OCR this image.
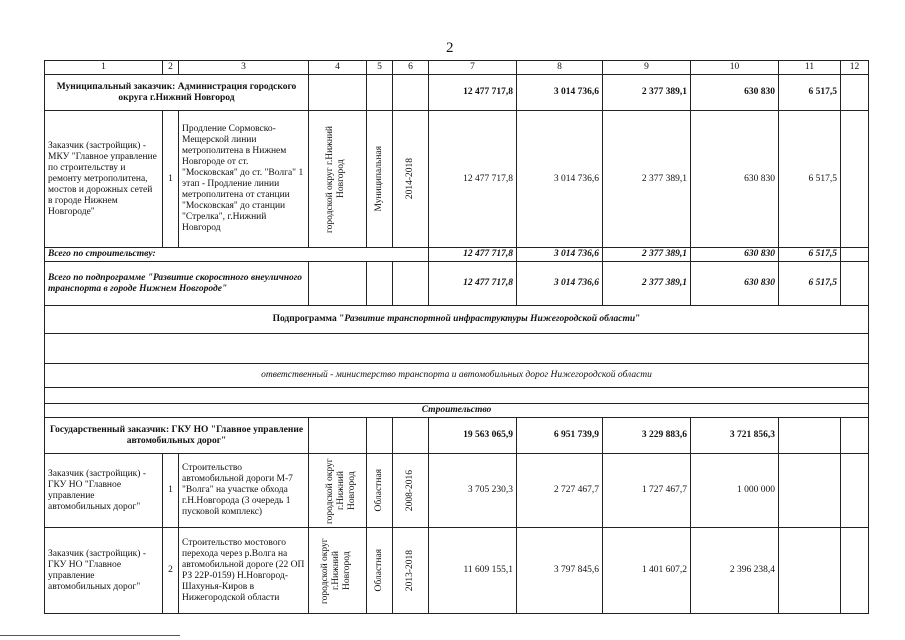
2
1	2	3	4	5	6	7	8	9	10	11	12
Муниципальный заказчик: Администрация городского округа г.Нижний Новгород						12 477 717,8	3 014 736,6	2 377 389,1	630 830	6 517,5	
Заказчик (застройщик) - МКУ "Главное управление по строительству и ремонту метрополитена, мостов и дорожных сетей в городе Нижнем Новгороде"	1	Продление Сормовско-Мещерской линии метрополитена в Нижнем Новгороде от ст. "Московская" до ст. "Волга" 1 этап - Продление линии метрополитена от станции "Московская" до станции "Стрелка", г.Нижний Новгород	городской округ г.Нижний Новгород	Муниципальная	2014-2018	12 477 717,8	3 014 736,6	2 377 389,1	630 830	6 517,5	
Всего по строительству:						12 477 717,8	3 014 736,6	2 377 389,1	630 830	6 517,5	
Всего по подпрограмме "Развитие скоростного внеуличного транспорта в городе Нижнем Новгороде"						12 477 717,8	3 014 736,6	2 377 389,1	630 830	6 517,5	
Подпрограмма "Развитие транспортной инфраструктуры Нижегородской области"											

ответственный - министерство транспорта и автомобильных дорог Нижегородской области											

Строительство											
Государственный заказчик: ГКУ НО "Главное управление автомобильных дорог"						19 563 065,9	6 951 739,9	3 229 883,6	3 721 856,3		
Заказчик (застройщик) - ГКУ НО "Главное управление автомобильных дорог"	1	Строительство автомобильной дороги М-7 "Волга" на участке обхода г.Н.Новгорода (3 очередь 1 пусковой комплекс)	городской округ г.Нижний Новгород	Областная	2008-2016	3 705 230,3	2 727 467,7	1 727 467,7	1 000 000		
Заказчик (застройщик) - ГКУ НО "Главное управление автомобильных дорог"	2	Строительство мостового перехода через р.Волга на автомобильной дороге (22 ОП РЗ 22Р-0159) Н.Новгород-Шахунья-Киров в Нижегородской области	городской округ г.Нижний Новгород	Областная	2013-2018	11 609 155,1	3 797 845,6	1 401 607,2	2 396 238,4		
